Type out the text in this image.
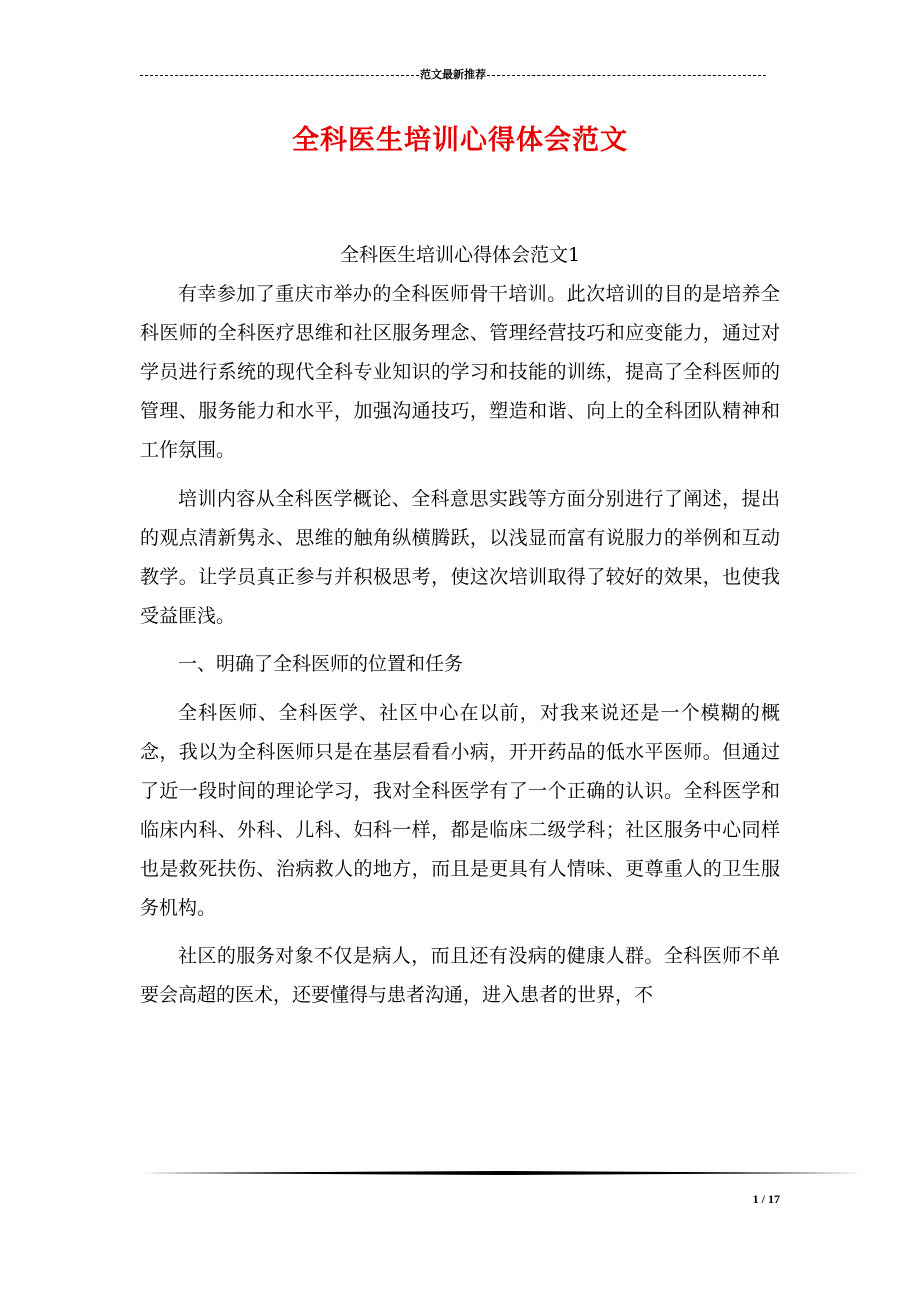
范文最新推荐
全科医生培训心得体会范文

全科医生培训心得体会范文1

有幸参加了重庆市举办的全科医师骨干培训。此次培训的目的是培养全科医师的全科医疗思维和社区服务理念、管理经营技巧和应变能力，通过对学员进行系统的现代全科专业知识的学习和技能的训练，提高了全科医师的管理、服务能力和水平，加强沟通技巧，塑造和谐、向上的全科团队精神和工作氛围。

培训内容从全科医学概论、全科意思实践等方面分别进行了阐述，提出的观点清新隽永、思维的触角纵横腾跃，以浅显而富有说服力的举例和互动教学。让学员真正参与并积极思考，使这次培训取得了较好的效果，也使我受益匪浅。

一、明确了全科医师的位置和任务

全科医师、全科医学、社区中心在以前，对我来说还是一个模糊的概念，我以为全科医师只是在基层看看小病，开开药品的低水平医师。但通过了近一段时间的理论学习，我对全科医学有了一个正确的认识。全科医学和临床内科、外科、儿科、妇科一样，都是临床二级学科；社区服务中心同样也是救死扶伤、治病救人的地方，而且是更具有人情味、更尊重人的卫生服务机构。

社区的服务对象不仅是病人，而且还有没病的健康人群。全科医师不单要会高超的医术，还要懂得与患者沟通，进入患者的世界，不

1 / 17
